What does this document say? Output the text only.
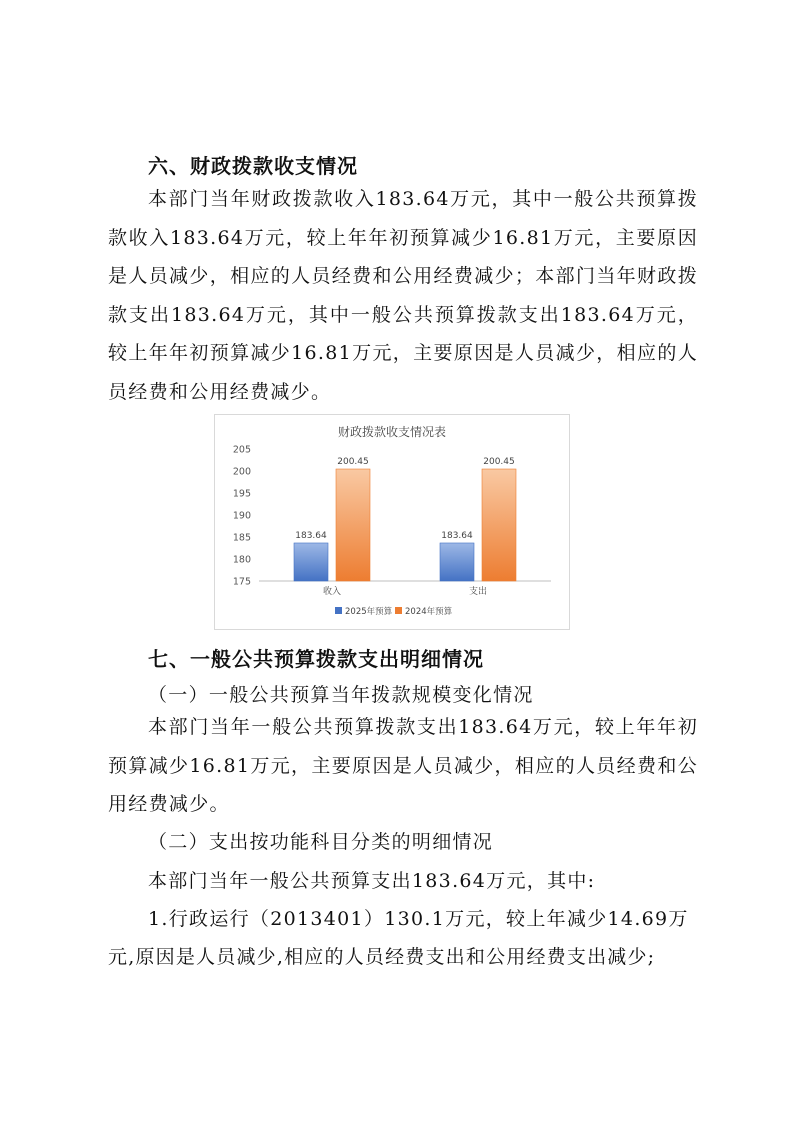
六、财政拨款收支情况
本部门当年财政拨款收入183.64万元，其中一般公共预算拨款收入183.64万元，较上年年初预算减少16.81万元，主要原因是人员减少，相应的人员经费和公用经费减少；本部门当年财政拨款支出183.64万元，其中一般公共预算拨款支出183.64万元，较上年年初预算减少16.81万元，主要原因是人员减少，相应的人员经费和公用经费减少。
175
180
185
190
195
200
205
183.64
200.45
收入
183.64
200.45
支出
2025年预算 2024年预算
财政拨款收支情况表
七、一般公共预算拨款支出明细情况
（一）一般公共预算当年拨款规模变化情况
本部门当年一般公共预算拨款支出183.64万元，较上年年初预算减少16.81万元，主要原因是人员减少，相应的人员经费和公用经费减少。
（二）支出按功能科目分类的明细情况
本部门当年一般公共预算支出183.64万元，其中:
1.行政运行（2013401）130.1万元，较上年减少14.69万
元,原因是人员减少,相应的人员经费支出和公用经费支出减少;
